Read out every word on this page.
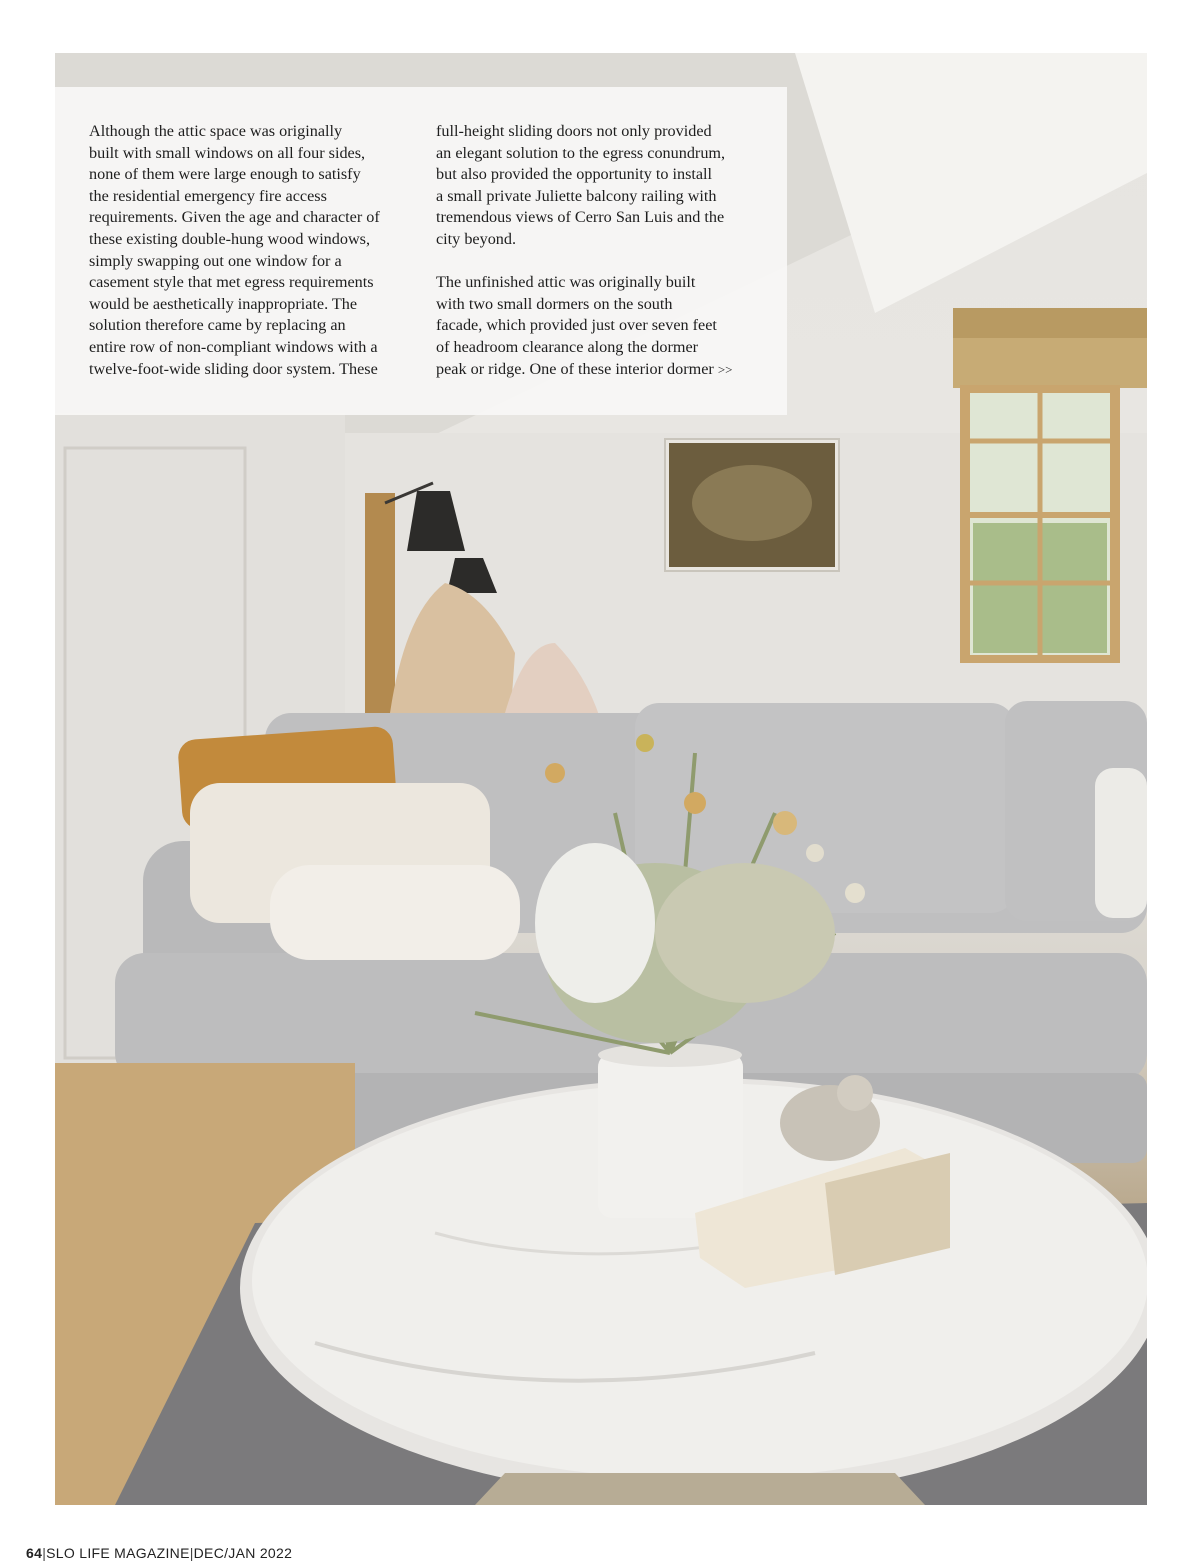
Although the attic space was originally
built with small windows on all four sides,
none of them were large enough to satisfy
the residential emergency fire access
requirements. Given the age and character of
these existing double-hung wood windows,
simply swapping out one window for a
casement style that met egress requirements
would be aesthetically inappropriate. The
solution therefore came by replacing an
entire row of non-compliant windows with a
twelve-foot-wide sliding door system. These
full-height sliding doors not only provided
an elegant solution to the egress conundrum,
but also provided the opportunity to install
a small private Juliette balcony railing with
tremendous views of Cerro San Luis and the
city beyond.

The unfinished attic was originally built
with two small dormers on the south
facade, which provided just over seven feet
of headroom clearance along the dormer
peak or ridge. One of these interior dormer >>
64|SLO LIFE MAGAZINE|DEC/JAN 2022
